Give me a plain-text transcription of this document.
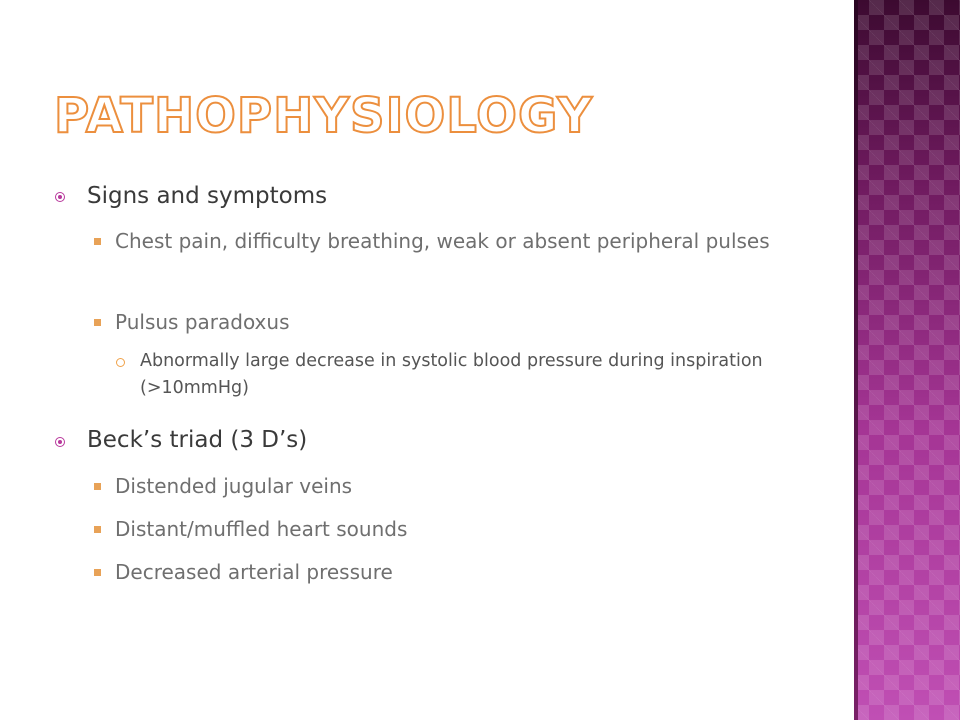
PATHOPHYSIOLOGY
Signs and symptoms
Chest pain, difficulty breathing, weak or absent peripheral pulses
Pulsus paradoxus
Abnormally large decrease in systolic blood pressure during inspiration (>10mmHg)
Beck’s triad (3 D’s)
Distended jugular veins
Distant/muffled heart sounds
Decreased arterial pressure
